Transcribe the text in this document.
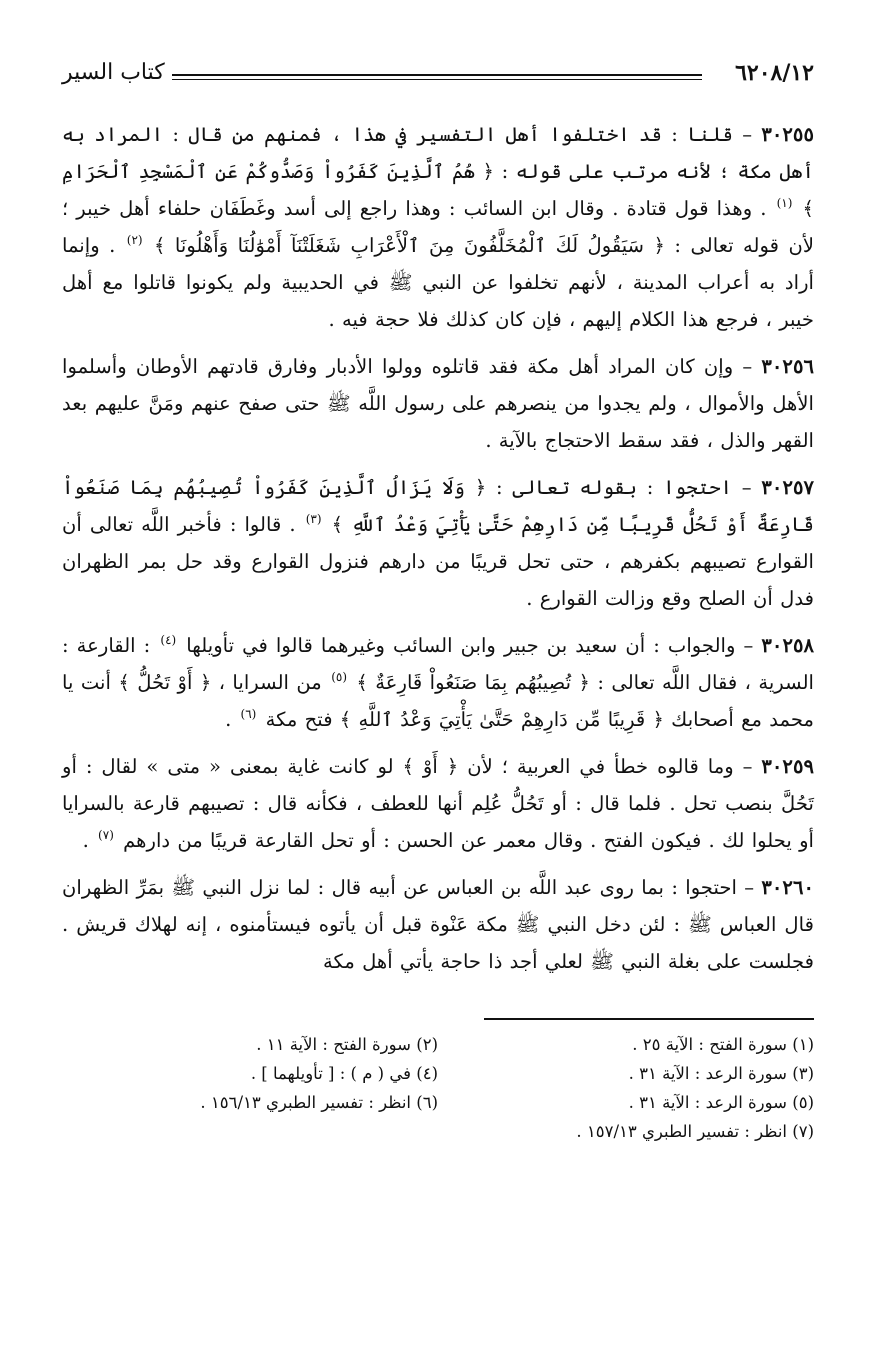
٦٢٠٨/١٢
كتاب السير

٣٠٢٥٥ – قلنا : قد اختلفوا أهل التفسير في هذا ، فمنهم من قال : المراد به أهل مكة ؛ لأنه مرتب على قوله : ﴿ هُمُ ٱلَّذِينَ كَفَرُواْ وَصَدُّوكُمْ عَنِ ٱلْمَسْجِدِ ٱلْحَرَامِ ﴾ $^{(١)}$ . وهذا قول قتادة . وقال ابن السائب : وهذا راجع إلى أسد وغَطَفَان حلفاء أهل خيبر ؛ لأن قوله تعالى : ﴿ سَيَقُولُ لَكَ ٱلْمُخَلَّفُونَ مِنَ ٱلْأَعْرَابِ شَغَلَتْنَآ أَمْوَٰلُنَا وَأَهْلُونَا ﴾ $^{(٢)}$ . وإنما أراد به أعراب المدينة ، لأنهم تخلفوا عن النبي ﷺ في الحديبية ولم يكونوا قاتلوا مع أهل خيبر ، فرجع هذا الكلام إليهم ، فإن كان كذلك فلا حجة فيه .

٣٠٢٥٦ – وإن كان المراد أهل مكة فقد قاتلوه وولوا الأدبار وفارق قادتهم الأوطان وأسلموا الأهل والأموال ، ولم يجدوا من ينصرهم على رسول اللَّه ﷺ حتى صفح عنهم ومَنَّ عليهم بعد القهر والذل ، فقد سقط الاحتجاج بالآية .

٣٠٢٥٧ – احتجوا : بقوله تعالى : ﴿ وَلَا يَزَالُ ٱلَّذِينَ كَفَرُواْ تُصِيبُهُم بِمَا صَنَعُواْ قَارِعَةٌ أَوْ تَحُلُّ قَرِيبًا مِّن دَارِهِمْ حَتَّىٰ يَأْتِيَ وَعْدُ ٱللَّهِ ﴾ $^{(٣)}$ . قالوا : فأخبر اللَّه تعالى أن القوارع تصيبهم بكفرهم ، حتى تحل قريبًا من دارهم فنزول القوارع وقد حل بمر الظهران فدل أن الصلح وقع وزالت القوارع .

٣٠٢٥٨ – والجواب : أن سعيد بن جبير وابن السائب وغيرهما قالوا في تأويلها $^{(٤)}$ : القارعة : السرية ، فقال اللَّه تعالى : ﴿ تُصِيبُهُم بِمَا صَنَعُواْ قَارِعَةٌ ﴾ $^{(٥)}$ من السرايا ، ﴿ أَوْ تَحُلُّ ﴾ أنت يا محمد مع أصحابك ﴿ قَرِيبًا مِّن دَارِهِمْ حَتَّىٰ يَأْتِيَ وَعْدُ ٱللَّهِ ﴾ فتح مكة $^{(٦)}$ .

٣٠٢٥٩ – وما قالوه خطأ في العربية ؛ لأن ﴿ أَوْ ﴾ لو كانت غاية بمعنى « متى » لقال : أو تَحُلَّ بنصب تحل . فلما قال : أو تَحُلُّ عُلِم أنها للعطف ، فكأنه قال : تصيبهم قارعة بالسرايا أو يحلوا لك . فيكون الفتح . وقال معمر عن الحسن : أو تحل القارعة قريبًا من دارهم $^{(٧)}$ .

٣٠٢٦٠ – احتجوا : بما روى عبد اللَّه بن العباس عن أبيه قال : لما نزل النبي ﷺ بمَرِّ الظهران قال العباس ﷺ : لئن دخل النبي ﷺ مكة عَنْوة قبل أن يأتوه فيستأمنوه ، إنه لهلاك قريش . فجلست على بغلة النبي ﷺ لعلي أجد ذا حاجة يأتي أهل مكة

(١) سورة الفتح : الآية ٢٥ .
(٢) سورة الفتح : الآية ١١ .
(٣) سورة الرعد : الآية ٣١ .
(٤) في ( م ) : [ تأويلهما ] .
(٥) سورة الرعد : الآية ٣١ .
(٦) انظر : تفسير الطبري ١٥٦/١٣ .
(٧) انظر : تفسير الطبري ١٥٧/١٣ .
